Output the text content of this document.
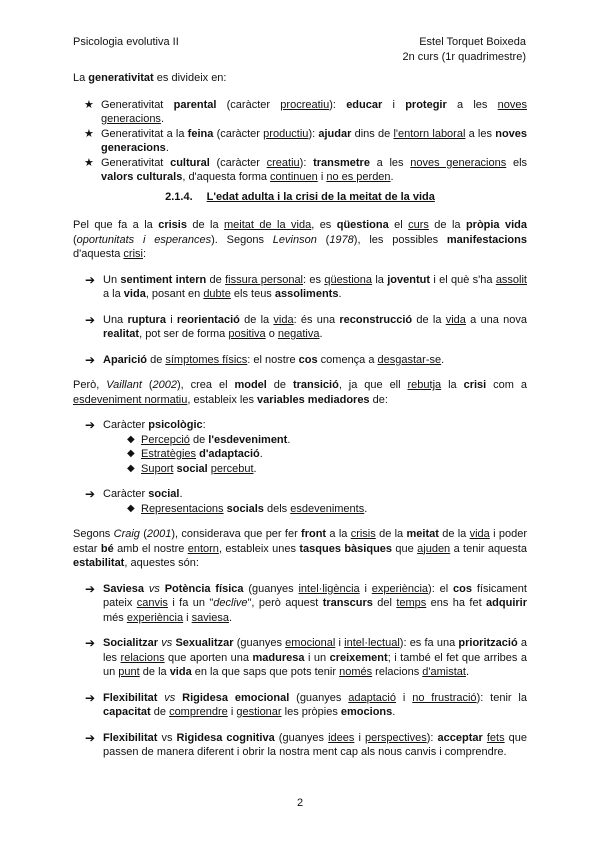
Psicologia evolutiva II	Estel Torquet Boixeda
2n curs (1r quadrimestre)

La generativitat es divideix en:

★ Generativitat parental (caràcter procreatiu): educar i protegir a les noves generacions.
★ Generativitat a la feina (caràcter productiu): ajudar dins de l'entorn laboral a les noves generacions.
★ Generativitat cultural (caràcter creatiu): transmetre a les noves generacions els valors culturals, d'aquesta forma continuen i no es perden.
2.1.4. L'edat adulta i la crisi de la meitat de la vida

Pel que fa a la crisis de la meitat de la vida, es qüestiona el curs de la pròpia vida (oportunitats i esperances). Segons Levinson (1978), les possibles manifestacions d'aquesta crisi:

➔ Un sentiment intern de fissura personal: es qüestiona la joventut i el què s'ha assolit a la vida, posant en dubte els teus assoliments.
➔ Una ruptura i reorientació de la vida: és una reconstrucció de la vida a una nova realitat, pot ser de forma positiva o negativa.
➔ Aparició de símptomes físics: el nostre cos comença a desgastar-se.

Però, Vaillant (2002), crea el model de transició, ja que ell rebutja la crisi com a esdeveniment normatiu, estableix les variables mediadores de:

➔ Caràcter psicològic:
◆ Percepció de l'esdeveniment.
◆ Estratègies d'adaptació.
◆ Suport social percebut.
➔ Caràcter social.
◆ Representacions socials dels esdeveniments.

Segons Craig (2001), considerava que per fer front a la crisis de la meitat de la vida i poder estar bé amb el nostre entorn, estableix unes tasques bàsiques que ajuden a tenir aquesta estabilitat, aquestes són:

➔ Saviesa vs Potència física (guanyes intel·ligència i experiència): el cos físicament pateix canvis i fa un "declive", però aquest transcurs del temps ens ha fet adquirir més experiència i saviesa.
➔ Socialitzar vs Sexualitzar (guanyes emocional i intel·lectual): es fa una priorització a les relacions que aporten una maduresa i un creixement; i també el fet que arribes a un punt de la vida en la que saps que pots tenir només relacions d'amistat.
➔ Flexibilitat vs Rigidesa emocional (guanyes adaptació i no frustració): tenir la capacitat de comprendre i gestionar les pròpies emocions.
➔ Flexibilitat vs Rigidesa cognitiva (guanyes idees i perspectives): acceptar fets que passen de manera diferent i obrir la nostra ment cap als nous canvis i comprendre.
2
